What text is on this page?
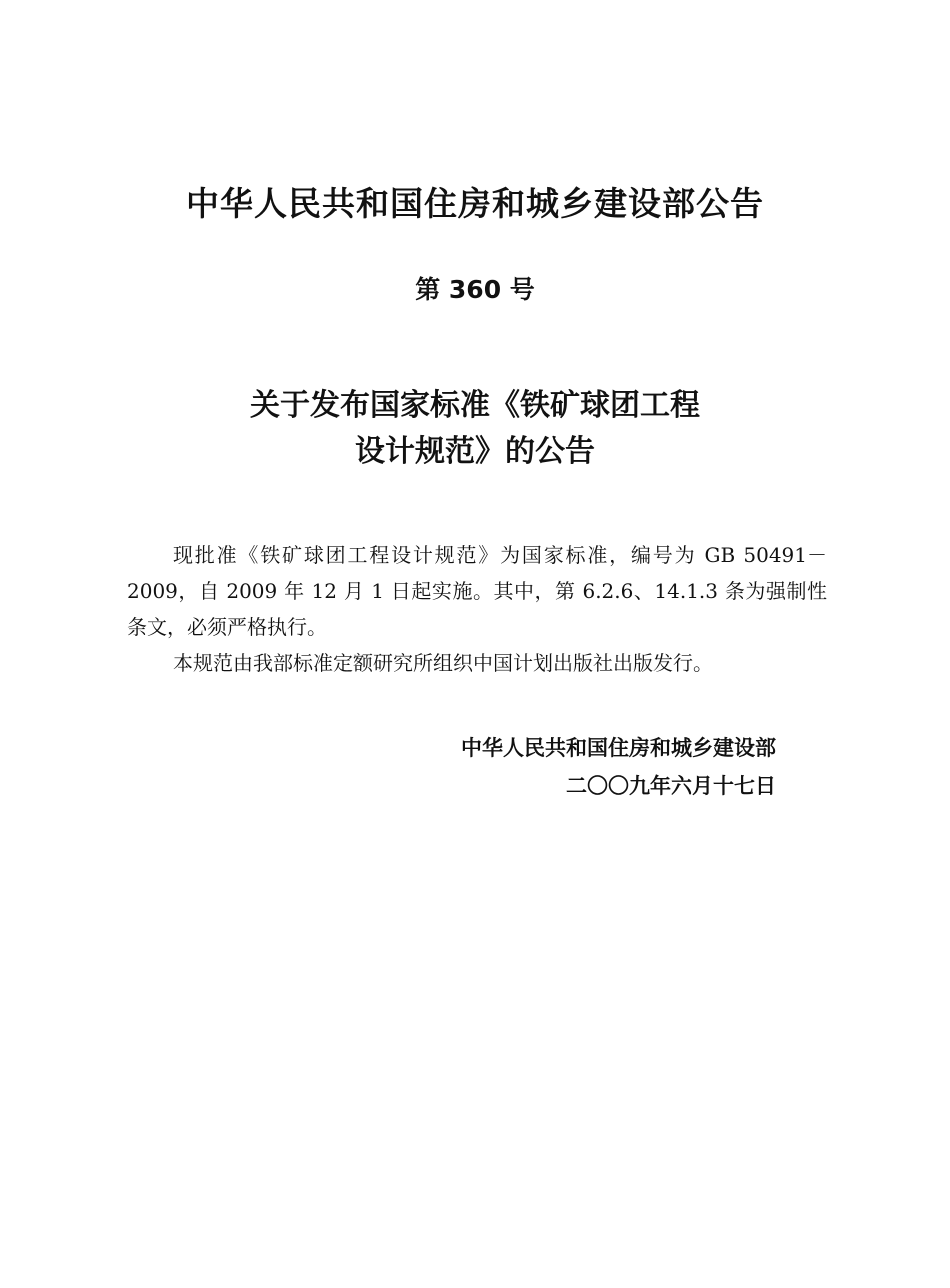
中华人民共和国住房和城乡建设部公告
第 360 号
关于发布国家标准《铁矿球团工程
设计规范》的公告

现批准《铁矿球团工程设计规范》为国家标准，编号为 GB 50491－2009，自 2009 年 12 月 1 日起实施。其中，第 6.2.6、14.1.3 条为强制性条文，必须严格执行。

本规范由我部标准定额研究所组织中国计划出版社出版发行。

中华人民共和国住房和城乡建设部
二〇〇九年六月十七日
